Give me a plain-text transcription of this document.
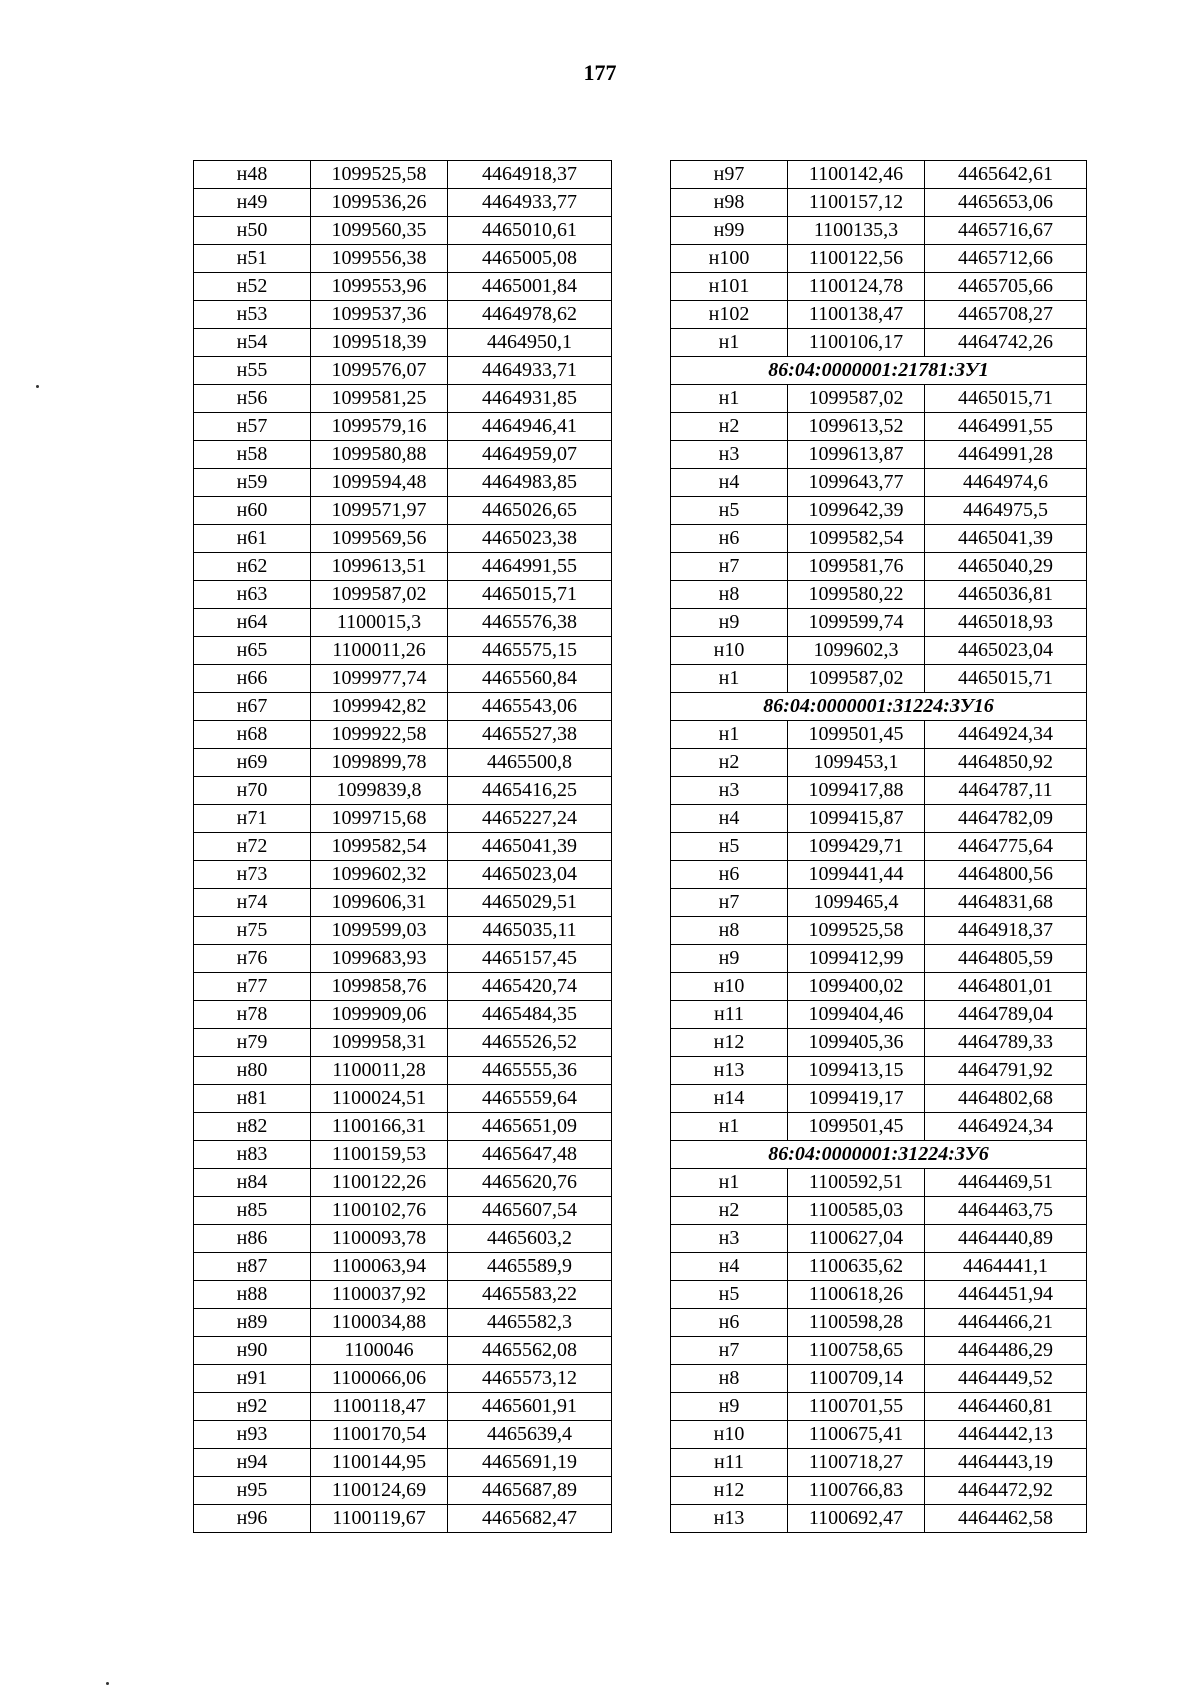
177
н48	1099525,58	4464918,37
н49	1099536,26	4464933,77
н50	1099560,35	4465010,61
н51	1099556,38	4465005,08
н52	1099553,96	4465001,84
н53	1099537,36	4464978,62
н54	1099518,39	4464950,1
н55	1099576,07	4464933,71
н56	1099581,25	4464931,85
н57	1099579,16	4464946,41
н58	1099580,88	4464959,07
н59	1099594,48	4464983,85
н60	1099571,97	4465026,65
н61	1099569,56	4465023,38
н62	1099613,51	4464991,55
н63	1099587,02	4465015,71
н64	1100015,3	4465576,38
н65	1100011,26	4465575,15
н66	1099977,74	4465560,84
н67	1099942,82	4465543,06
н68	1099922,58	4465527,38
н69	1099899,78	4465500,8
н70	1099839,8	4465416,25
н71	1099715,68	4465227,24
н72	1099582,54	4465041,39
н73	1099602,32	4465023,04
н74	1099606,31	4465029,51
н75	1099599,03	4465035,11
н76	1099683,93	4465157,45
н77	1099858,76	4465420,74
н78	1099909,06	4465484,35
н79	1099958,31	4465526,52
н80	1100011,28	4465555,36
н81	1100024,51	4465559,64
н82	1100166,31	4465651,09
н83	1100159,53	4465647,48
н84	1100122,26	4465620,76
н85	1100102,76	4465607,54
н86	1100093,78	4465603,2
н87	1100063,94	4465589,9
н88	1100037,92	4465583,22
н89	1100034,88	4465582,3
н90	1100046	4465562,08
н91	1100066,06	4465573,12
н92	1100118,47	4465601,91
н93	1100170,54	4465639,4
н94	1100144,95	4465691,19
н95	1100124,69	4465687,89
н96	1100119,67	4465682,47
н97	1100142,46	4465642,61
н98	1100157,12	4465653,06
н99	1100135,3	4465716,67
н100	1100122,56	4465712,66
н101	1100124,78	4465705,66
н102	1100138,47	4465708,27
н1	1100106,17	4464742,26
86:04:0000001:21781:ЗУ1		
н1	1099587,02	4465015,71
н2	1099613,52	4464991,55
н3	1099613,87	4464991,28
н4	1099643,77	4464974,6
н5	1099642,39	4464975,5
н6	1099582,54	4465041,39
н7	1099581,76	4465040,29
н8	1099580,22	4465036,81
н9	1099599,74	4465018,93
н10	1099602,3	4465023,04
н1	1099587,02	4465015,71
86:04:0000001:31224:ЗУ16		
н1	1099501,45	4464924,34
н2	1099453,1	4464850,92
н3	1099417,88	4464787,11
н4	1099415,87	4464782,09
н5	1099429,71	4464775,64
н6	1099441,44	4464800,56
н7	1099465,4	4464831,68
н8	1099525,58	4464918,37
н9	1099412,99	4464805,59
н10	1099400,02	4464801,01
н11	1099404,46	4464789,04
н12	1099405,36	4464789,33
н13	1099413,15	4464791,92
н14	1099419,17	4464802,68
н1	1099501,45	4464924,34
86:04:0000001:31224:ЗУ6		
н1	1100592,51	4464469,51
н2	1100585,03	4464463,75
н3	1100627,04	4464440,89
н4	1100635,62	4464441,1
н5	1100618,26	4464451,94
н6	1100598,28	4464466,21
н7	1100758,65	4464486,29
н8	1100709,14	4464449,52
н9	1100701,55	4464460,81
н10	1100675,41	4464442,13
н11	1100718,27	4464443,19
н12	1100766,83	4464472,92
н13	1100692,47	4464462,58
